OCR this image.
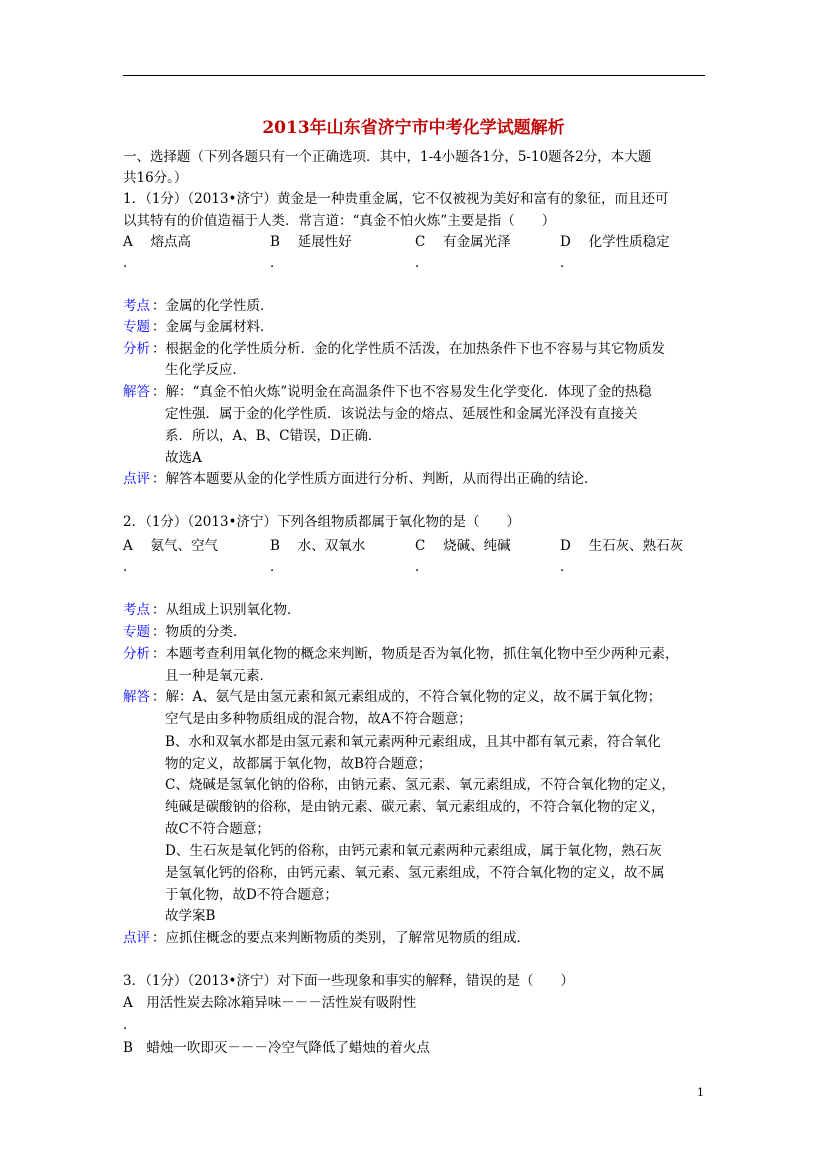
2013年山东省济宁市中考化学试题解析
一、选择题（下列各题只有一个正确选项．其中，1-4小题各1分，5-10题各2分，本大题
共16分。）
1．（1分）（2013•济宁）黄金是一种贵重金属，它不仅被视为美好和富有的象征，而且还可
以其特有的价值造福于人类．常言道：“真金不怕火炼”主要是指（　　）
A　 熔点高	B　 延展性好	C　 有金属光泽	D　 化学性质稳定
．	．	．	．
考点 ：金属的化学性质．
专题 ：金属与金属材料．
分析 ：根据金的化学性质分析．金的化学性质不活泼，在加热条件下也不容易与其它物质发
生化学反应．
解答 ：解：“真金不怕火炼”说明金在高温条件下也不容易发生化学变化．体现了金的热稳
定性强．属于金的化学性质．该说法与金的熔点、延展性和金属光泽没有直接关
系．所以，A、B、C错误，D正确．
故选A
点评 ：解答本题要从金的化学性质方面进行分析、判断，从而得出正确的结论．
2．（1分）（2013•济宁）下列各组物质都属于氧化物的是（　　）
A　 氨气、空气	B　 水、双氧水	C　 烧碱、纯碱	D　 生石灰、熟石灰
．	．	．	．
考点 ：从组成上识别氧化物．
专题 ：物质的分类．
分析 ：本题考查利用氧化物的概念来判断，物质是否为氧化物，抓住氧化物中至少两种元素，
且一种是氧元素．
解答 ：解：A、氨气是由氢元素和氮元素组成的，不符合氧化物的定义，故不属于氧化物；
空气是由多种物质组成的混合物，故A不符合题意；
B、水和双氧水都是由氢元素和氧元素两种元素组成，且其中都有氧元素，符合氧化
物的定义，故都属于氧化物，故B符合题意；
C、烧碱是氢氧化钠的俗称，由钠元素、氢元素、氧元素组成，不符合氧化物的定义，
纯碱是碳酸钠的俗称，是由钠元素、碳元素、氧元素组成的，不符合氧化物的定义，
故C不符合题意；
D、生石灰是氧化钙的俗称，由钙元素和氧元素两种元素组成，属于氧化物，熟石灰
是氢氧化钙的俗称，由钙元素、氧元素、氢元素组成，不符合氧化物的定义，故不属
于氧化物，故D不符合题意；
故学案B
点评 ：应抓住概念的要点来判断物质的类别，了解常见物质的组成．
3．（1分）（2013•济宁）对下面一些现象和事实的解释，错误的是（　　）
A　用活性炭去除冰箱异味－－－活性炭有吸附性
．
B　蜡烛一吹即灭－－－冷空气降低了蜡烛的着火点
1
